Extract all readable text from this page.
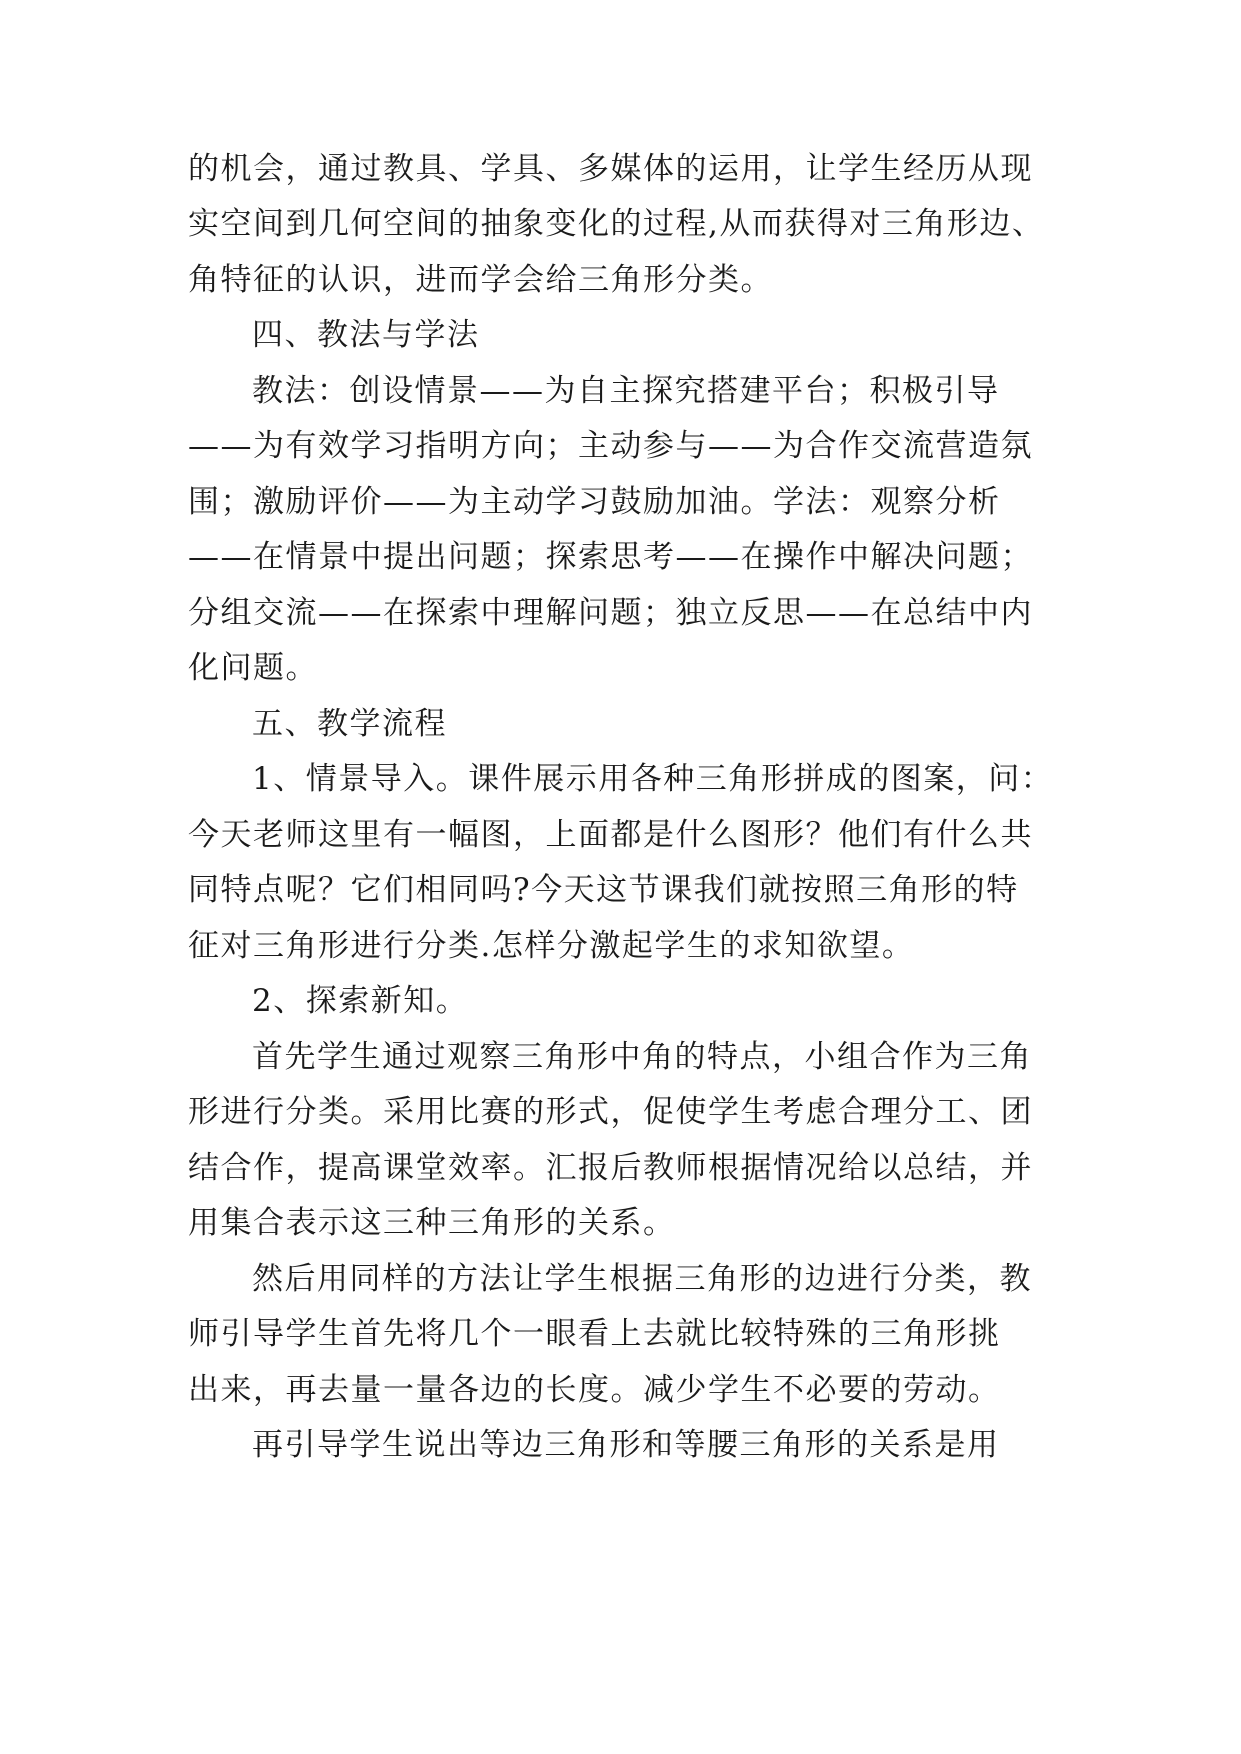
的机会，通过教具、学具、多媒体的运用，让学生经历从现
实空间到几何空间的抽象变化的过程,从而获得对三角形边、
角特征的认识，进而学会给三角形分类。
四、教法与学法
教法：创设情景——为自主探究搭建平台；积极引导
——为有效学习指明方向；主动参与——为合作交流营造氛
围；激励评价——为主动学习鼓励加油。学法：观察分析
——在情景中提出问题；探索思考——在操作中解决问题；
分组交流——在探索中理解问题；独立反思——在总结中内
化问题。
五、教学流程
1、情景导入。课件展示用各种三角形拼成的图案，问：
今天老师这里有一幅图，上面都是什么图形？他们有什么共
同特点呢？它们相同吗?今天这节课我们就按照三角形的特
征对三角形进行分类.怎样分激起学生的求知欲望。
2、探索新知。
首先学生通过观察三角形中角的特点，小组合作为三角
形进行分类。采用比赛的形式，促使学生考虑合理分工、团
结合作，提高课堂效率。汇报后教师根据情况给以总结，并
用集合表示这三种三角形的关系。
然后用同样的方法让学生根据三角形的边进行分类，教
师引导学生首先将几个一眼看上去就比较特殊的三角形挑
出来，再去量一量各边的长度。减少学生不必要的劳动。
再引导学生说出等边三角形和等腰三角形的关系是用
